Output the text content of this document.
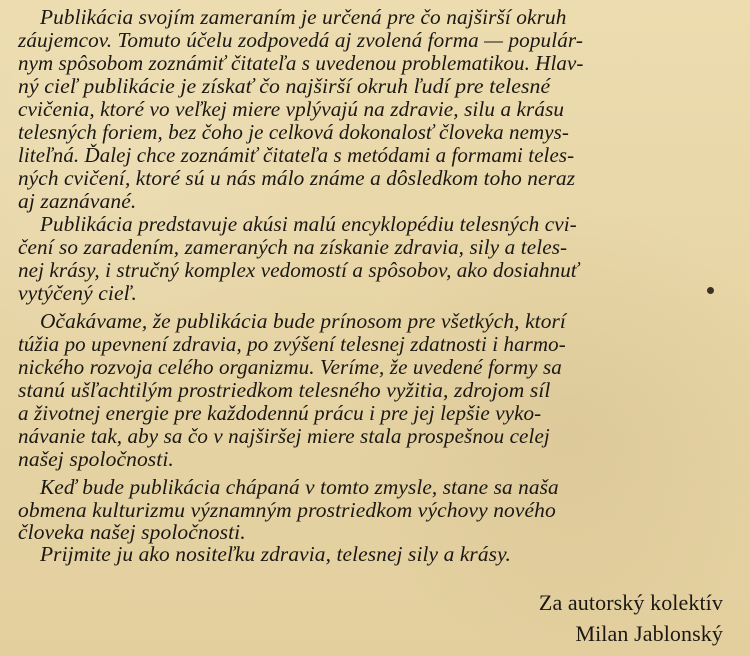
Publikácia svojím zameraním je určená pre čo najširší okruh
záujemcov. Tomuto účelu zodpovedá aj zvolená forma — populár-
nym spôsobom zoznámiť čitateľa s uvedenou problematikou. Hlav-
ný cieľ publikácie je získať čo najširší okruh ľudí pre telesné
cvičenia, ktoré vo veľkej miere vplývajú na zdravie, silu a krásu
telesných foriem, bez čoho je celková dokonalosť človeka nemys-
liteľná. Ďalej chce zoznámiť čitateľa s metódami a formami teles-
ných cvičení, ktoré sú u nás málo známe a dôsledkom toho neraz
aj zaznávané.
Publikácia predstavuje akúsi malú encyklopédiu telesných cvi-
čení so zaradením, zameraných na získanie zdravia, sily a teles-
nej krásy, i stručný komplex vedomostí a spôsobov, ako dosiahnuť
vytýčený cieľ.
Očakávame, že publikácia bude prínosom pre všetkých, ktorí
túžia po upevnení zdravia, po zvýšení telesnej zdatnosti i harmo-
nického rozvoja celého organizmu. Veríme, že uvedené formy sa
stanú ušľachtilým prostriedkom telesného vyžitia, zdrojom síl
a životnej energie pre každodennú prácu i pre jej lepšie vyko-
návanie tak, aby sa čo v najširšej miere stala prospešnou celej
našej spoločnosti.
Keď bude publikácia chápaná v tomto zmysle, stane sa naša
obmena kulturizmu významným prostriedkom výchovy nového
človeka našej spoločnosti.
Prijmite ju ako nositeľku zdravia, telesnej sily a krásy.
Za autorský kolektív
Milan Jablonský
